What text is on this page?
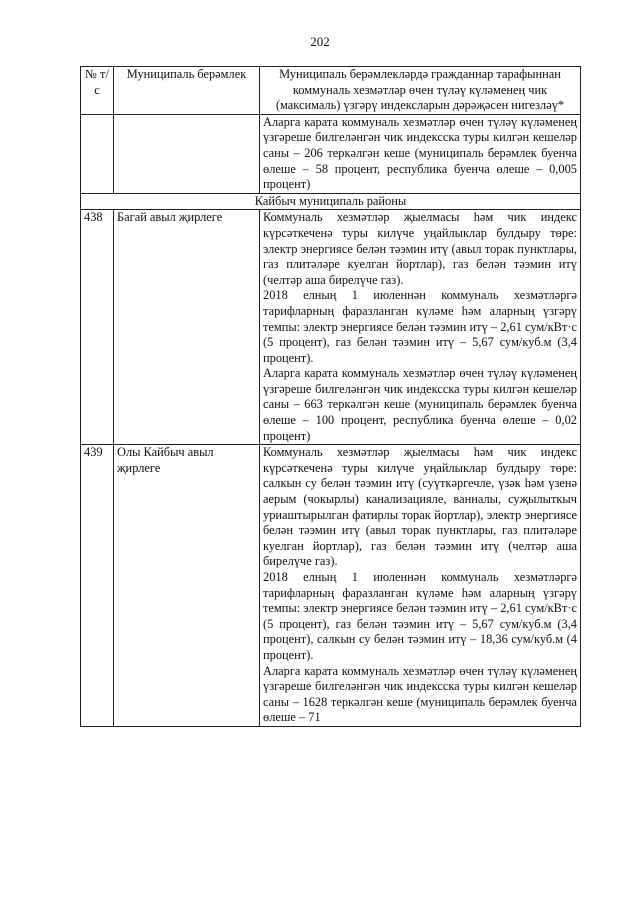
202
№ т/с	Муниципаль берәмлек	Муниципаль берәмлекләрдә гражданнар тарафыннан коммуналь хезмәтләр өчен түләү күләменең чик (максималь) үзгәрү индексларын дәрәҗәсен нигезләү*
		Аларга карата коммуналь хезмәтләр өчен түләү күләменең үзгәреше билгеләнгән чик индексска туры килгән кешеләр саны – 206 теркәлгән кеше (муниципаль берәмлек буенча өлеше – 58 процент, республика буенча өлеше – 0,005 процент)
Кайбыч муниципаль районы		
438	Багай авыл җирлеге	Коммуналь хезмәтләр җыелмасы һәм чик индекс күрсәткеченә туры килүче уңайлыклар булдыру төре: электр энергиясе белән тәэмин итү (авыл торак пунктлары, газ плитәләре куелган йортлар), газ белән тәэмин итү (челтәр аша бирелүче газ).
2018 елның 1 июленнән коммуналь хезмәтләргә тарифларның фаразланган күләме һәм аларның үзгәрү темпы: электр энергиясе белән тәэмин итү – 2,61 сум/кВт·с (5 процент), газ белән тәэмин итү – 5,67 сум/куб.м (3,4 процент).
Аларга карата коммуналь хезмәтләр өчен түләү күләменең үзгәреше билгеләнгән чик индексска туры килгән кешеләр саны – 663 теркәлгән кеше (муниципаль берәмлек буенча өлеше – 100 процент, республика буенча өлеше – 0,02 процент)

439	Олы Кайбыч авыл җирлеге	Коммуналь хезмәтләр җыелмасы һәм чик индекс күрсәткеченә туры килүче уңайлыклар булдыру төре: салкын су белән тәэмин итү (суүткәргечле, үзәк һәм үзенә аерым (чокырлы) канализацияле, ванналы, суҗылыткыч уриаштырылган фатирлы торак йортлар), электр энергиясе белән тәэмин итү (авыл торак пунктлары, газ плитәләре куелган йортлар), газ белән тәэмин итү (челтәр аша бирелүче газ).
2018 елның 1 июленнән коммуналь хезмәтләргә тарифларның фаразланган күләме һәм аларның үзгәрү темпы: электр энергиясе белән тәэмин итү – 2,61 сум/кВт·с (5 процент), газ белән тәэмин итү – 5,67 сум/куб.м (3,4 процент), салкын су белән тәэмин итү – 18,36 сум/куб.м (4 процент).
Аларга карата коммуналь хезмәтләр өчен түләү күләменең үзгәреше билгеләнгән чик индексска туры килгән кешеләр саны – 1628 теркәлгән кеше (муниципаль берәмлек буенча өлеше – 71
